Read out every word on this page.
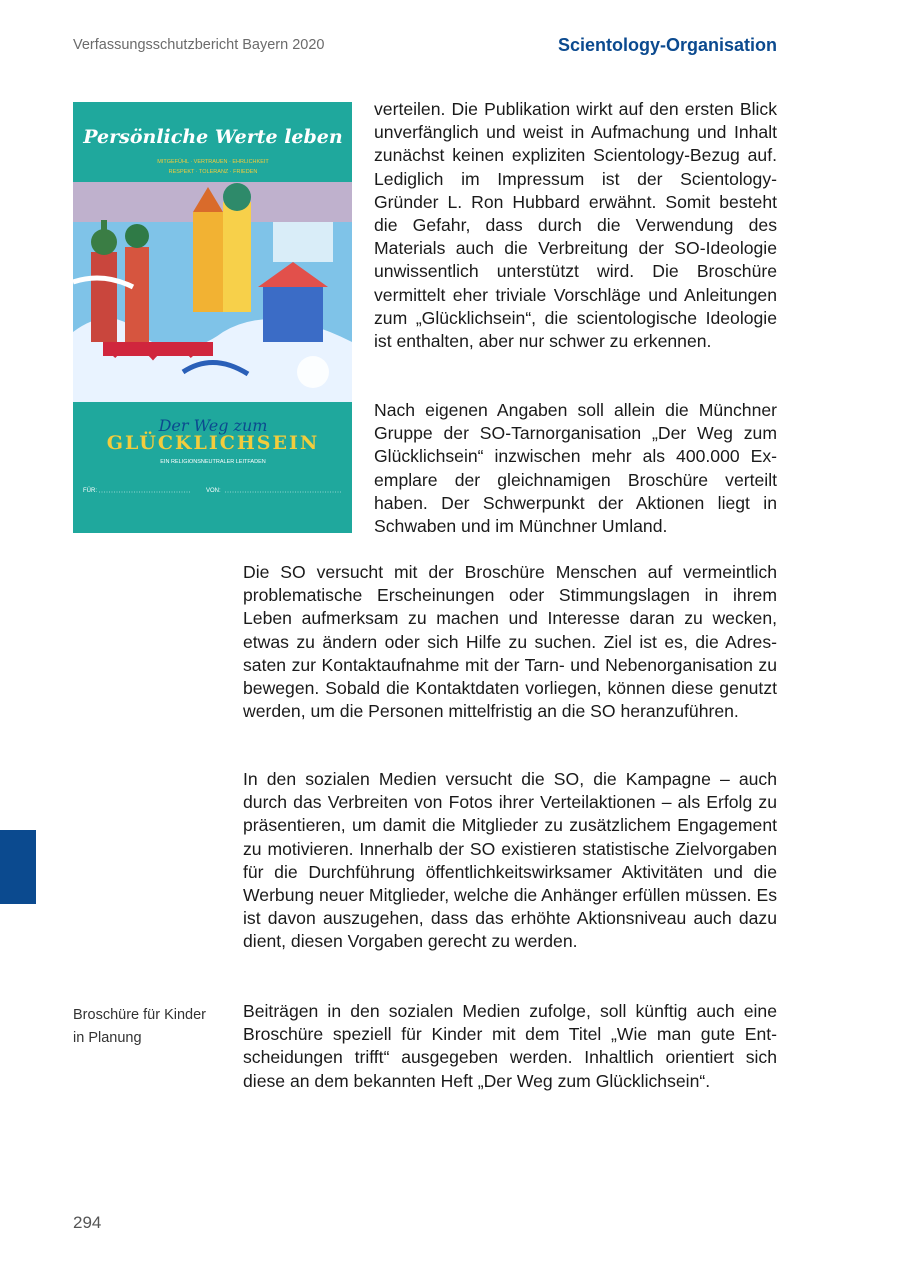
Verfassungsschutzbericht Bayern 2020	Scientology-Organisation
Persönliche Werte leben
MITGEFÜHL · VERTRAUEN · EHRLICHKEIT
RESPEKT · TOLERANZ · FRIEDEN
Der Weg zum
GLÜCKLICHSEIN
EIN RELIGIONSNEUTRALER LEITFADEN
FÜR:	VON:

verteilen. Die Publikation wirkt auf den ersten Blick unverfänglich und weist in Aufmachung und Inhalt zunächst keinen expliziten Scientology-Bezug auf. Lediglich im Impressum ist der Scientology-Gründer L. Ron Hubbard erwähnt. Somit besteht die Gefahr, dass durch die Verwendung des Materials auch die Verbreitung der SO-Ideologie unwissentlich unterstützt wird. Die Broschüre vermittelt eher triviale Vorschläge und Anleitungen zum „Glücklichsein“, die scientologische Ideologie ist enthalten, aber nur schwer zu erkennen.

Nach eigenen Angaben soll allein die Münchner Gruppe der SO-Tarnorganisation „Der Weg zum Glücklichsein“ inzwischen mehr als 400.000 Exemplare der gleichnamigen Broschüre verteilt haben. Der Schwerpunkt der Aktionen liegt in Schwaben und im Münchner Umland.

Die SO versucht mit der Broschüre Menschen auf vermeintlich problematische Erscheinungen oder Stimmungslagen in ihrem Leben aufmerksam zu machen und Interesse daran zu wecken, etwas zu ändern oder sich Hilfe zu suchen. Ziel ist es, die Adressaten zur Kontaktaufnahme mit der Tarn- und Nebenorganisation zu bewegen. Sobald die Kontaktdaten vorliegen, können diese genutzt werden, um die Personen mittelfristig an die SO heranzuführen.

In den sozialen Medien versucht die SO, die Kampagne – auch durch das Verbreiten von Fotos ihrer Verteilaktionen – als Erfolg zu präsentieren, um damit die Mitglieder zu zusätzlichem Engagement zu motivieren. Innerhalb der SO existieren statistische Zielvorgaben für die Durchführung öffentlichkeitswirksamer Aktivitäten und die Werbung neuer Mitglieder, welche die Anhänger erfüllen müssen. Es ist davon auszugehen, dass das erhöhte Aktionsniveau auch dazu dient, diesen Vorgaben gerecht zu werden.

Beiträgen in den sozialen Medien zufolge, soll künftig auch eine Broschüre speziell für Kinder mit dem Titel „Wie man gute Entscheidungen trifft“ ausgegeben werden. Inhaltlich orientiert sich diese an dem bekannten Heft „Der Weg zum Glücklichsein“.

Broschüre für Kinder
in Planung
294
